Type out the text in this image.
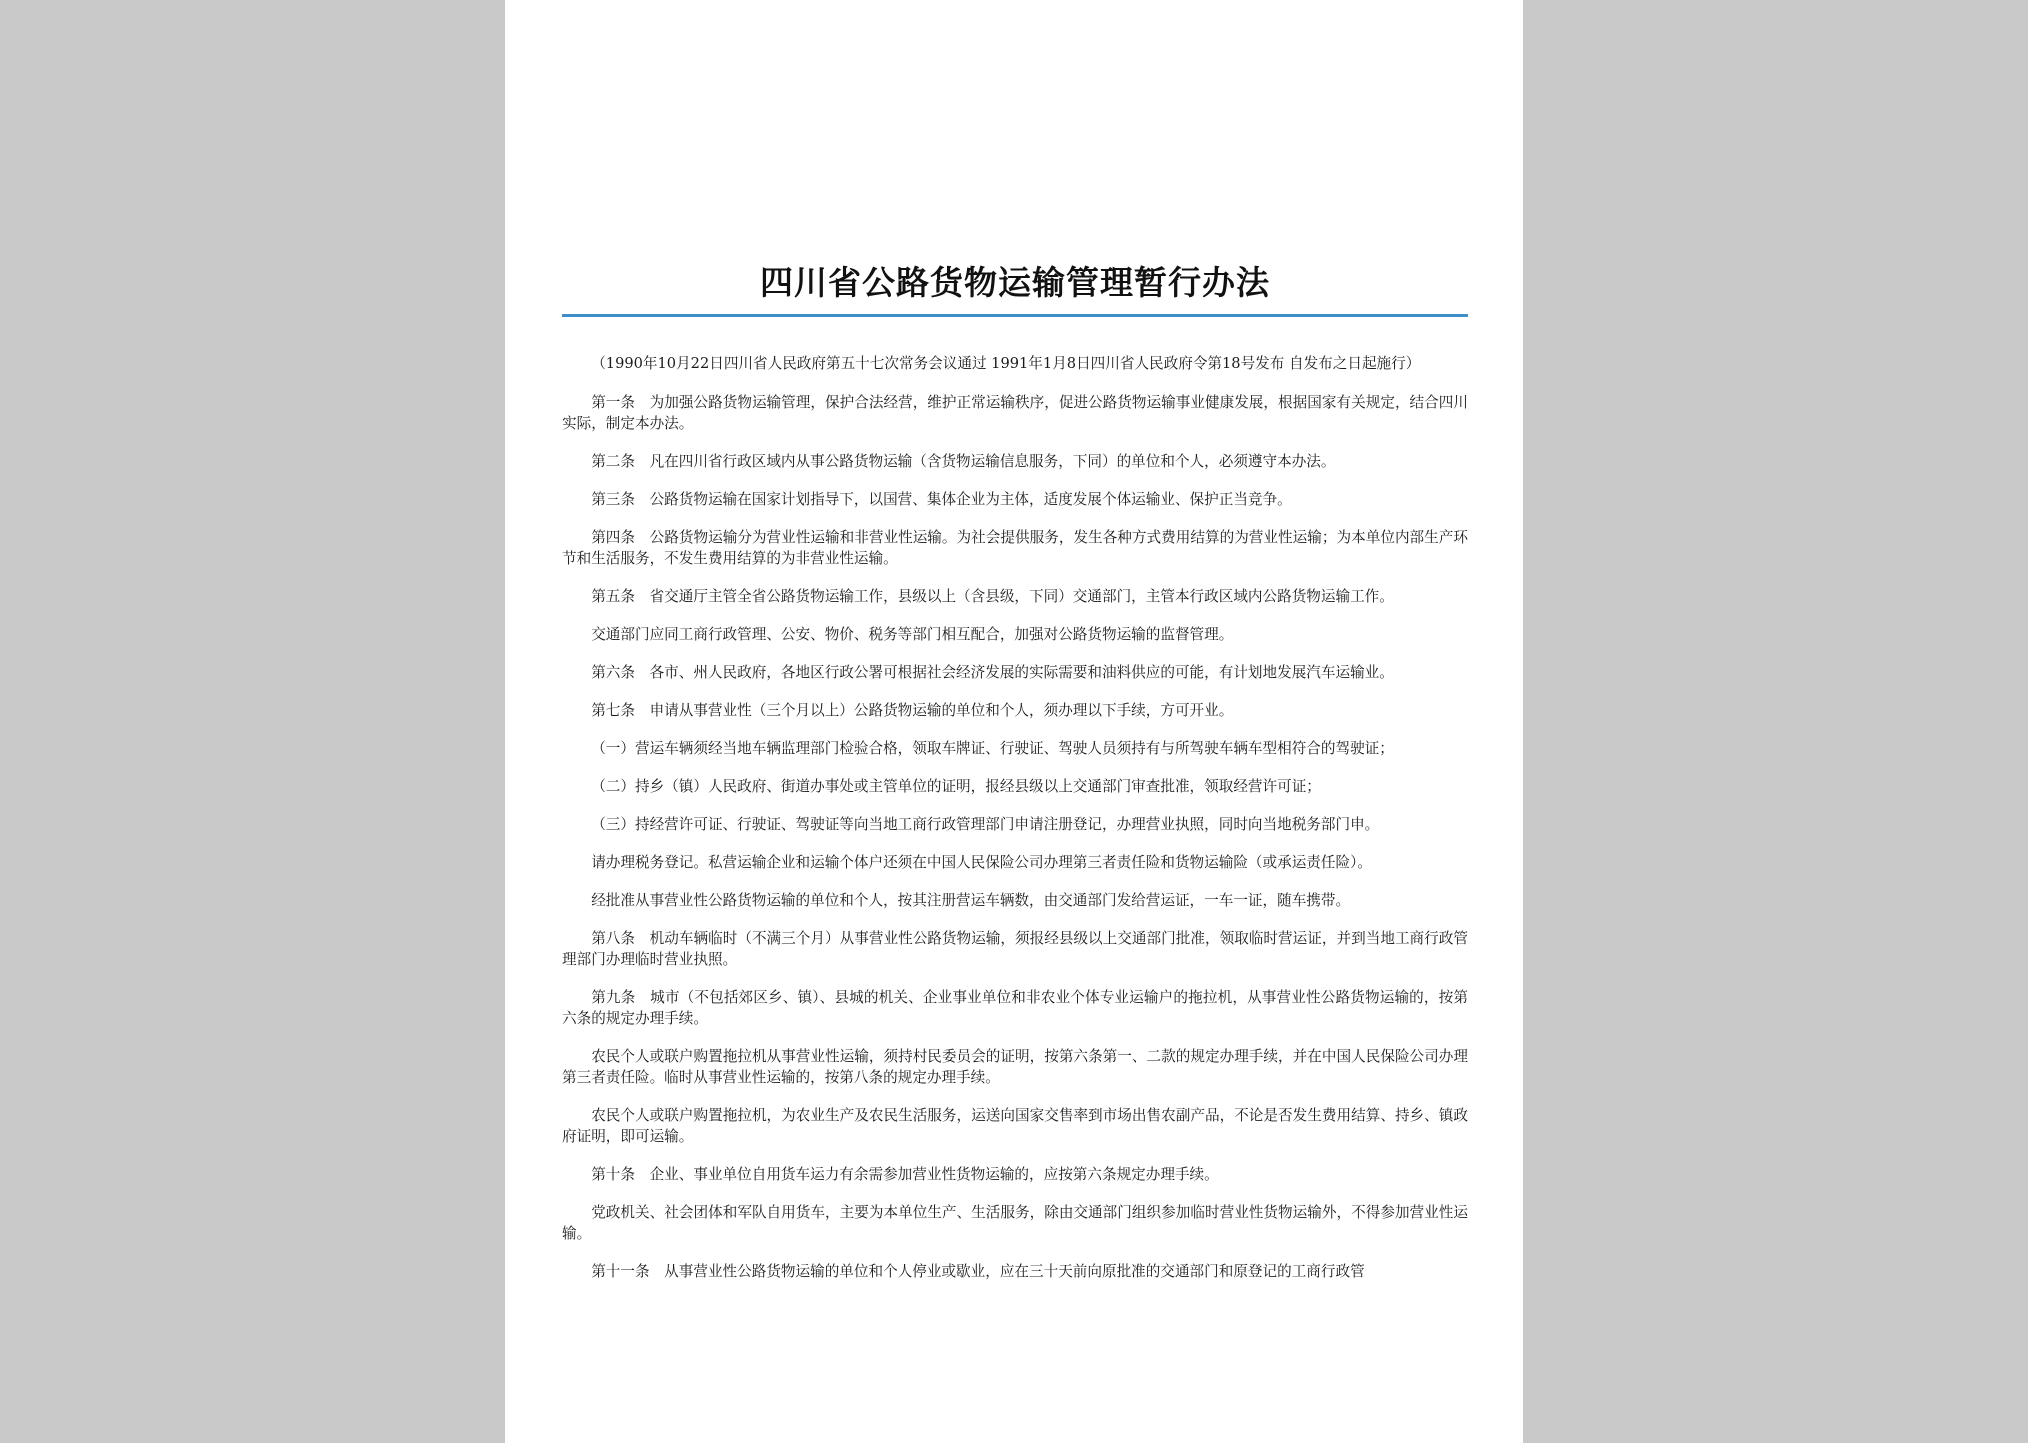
四川省公路货物运输管理暂行办法

（1990年10月22日四川省人民政府第五十七次常务会议通过 1991年1月8日四川省人民政府令第18号发布 自发布之日起施行）

第一条　为加强公路货物运输管理，保护合法经营，维护正常运输秩序，促进公路货物运输事业健康发展，根据国家有关规定，结合四川实际，制定本办法。

第二条　凡在四川省行政区域内从事公路货物运输（含货物运输信息服务，下同）的单位和个人，必须遵守本办法。

第三条　公路货物运输在国家计划指导下，以国营、集体企业为主体，适度发展个体运输业、保护正当竞争。

第四条　公路货物运输分为营业性运输和非营业性运输。为社会提供服务，发生各种方式费用结算的为营业性运输；为本单位内部生产环节和生活服务，不发生费用结算的为非营业性运输。

第五条　省交通厅主管全省公路货物运输工作，县级以上（含县级，下同）交通部门，主管本行政区域内公路货物运输工作。

交通部门应同工商行政管理、公安、物价、税务等部门相互配合，加强对公路货物运输的监督管理。

第六条　各市、州人民政府，各地区行政公署可根据社会经济发展的实际需要和油料供应的可能，有计划地发展汽车运输业。

第七条　申请从事营业性（三个月以上）公路货物运输的单位和个人，须办理以下手续，方可开业。

（一）营运车辆须经当地车辆监理部门检验合格，领取车牌证、行驶证、驾驶人员须持有与所驾驶车辆车型相符合的驾驶证；

（二）持乡（镇）人民政府、街道办事处或主管单位的证明，报经县级以上交通部门审查批准，领取经营许可证；

（三）持经营许可证、行驶证、驾驶证等向当地工商行政管理部门申请注册登记，办理营业执照，同时向当地税务部门申。

请办理税务登记。私营运输企业和运输个体户还须在中国人民保险公司办理第三者责任险和货物运输险（或承运责任险）。

经批准从事营业性公路货物运输的单位和个人，按其注册营运车辆数，由交通部门发给营运证，一车一证，随车携带。

第八条　机动车辆临时（不满三个月）从事营业性公路货物运输，须报经县级以上交通部门批准，领取临时营运证，并到当地工商行政管理部门办理临时营业执照。

第九条　城市（不包括郊区乡、镇）、县城的机关、企业事业单位和非农业个体专业运输户的拖拉机，从事营业性公路货物运输的，按第六条的规定办理手续。

农民个人或联户购置拖拉机从事营业性运输，须持村民委员会的证明，按第六条第一、二款的规定办理手续，并在中国人民保险公司办理第三者责任险。临时从事营业性运输的，按第八条的规定办理手续。

农民个人或联户购置拖拉机，为农业生产及农民生活服务，运送向国家交售率到市场出售农副产品，不论是否发生费用结算、持乡、镇政府证明，即可运输。

第十条　企业、事业单位自用货车运力有余需参加营业性货物运输的，应按第六条规定办理手续。

党政机关、社会团体和军队自用货车，主要为本单位生产、生活服务，除由交通部门组织参加临时营业性货物运输外，不得参加营业性运输。

第十一条　从事营业性公路货物运输的单位和个人停业或歇业，应在三十天前向原批准的交通部门和原登记的工商行政管
